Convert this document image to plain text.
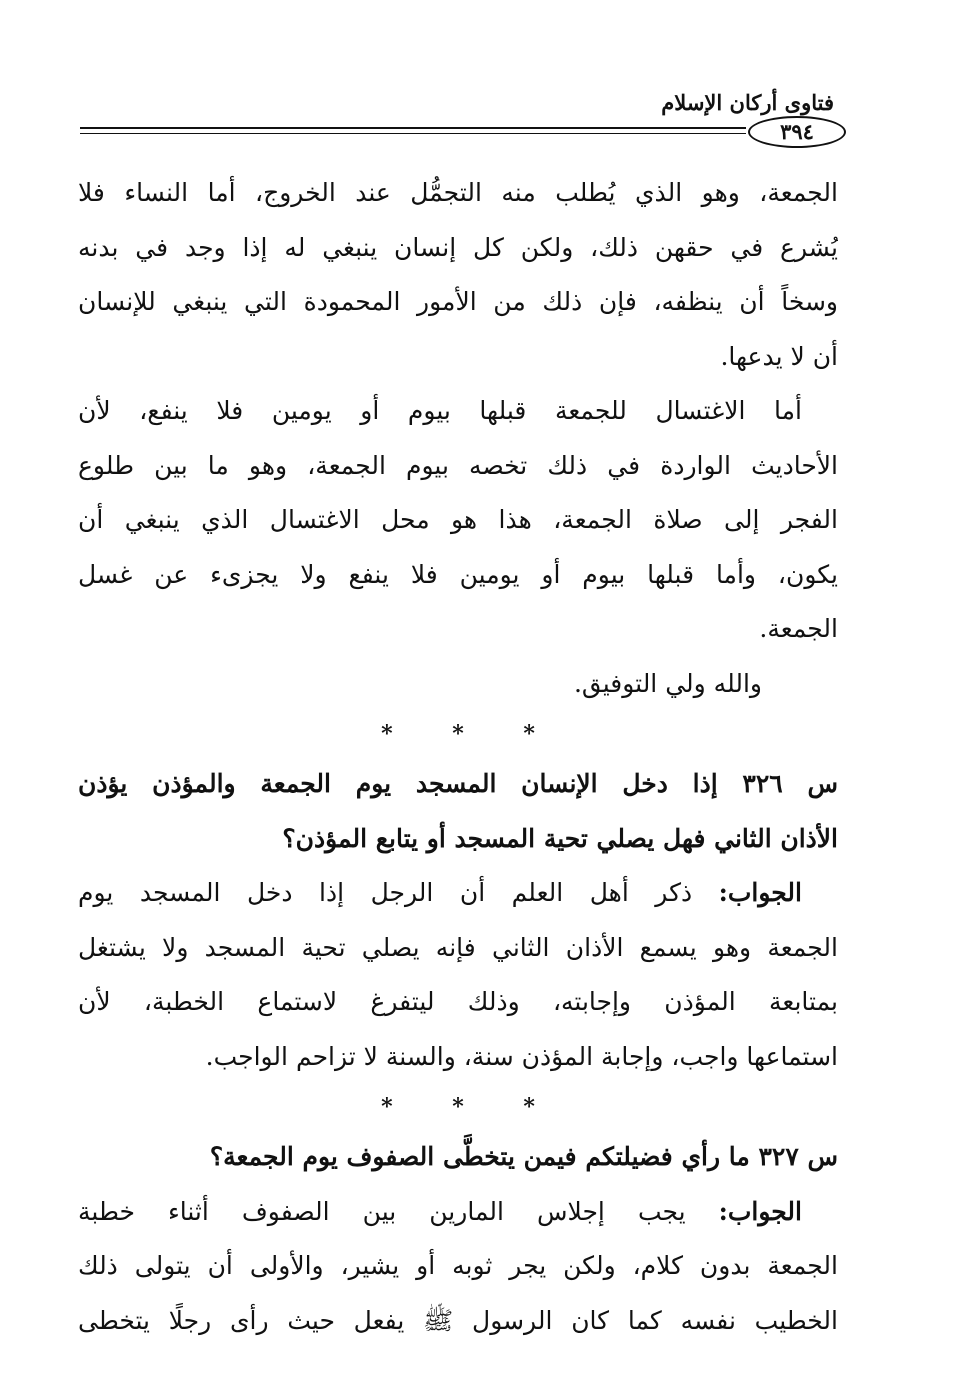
فتاوى أركان الإسلام
٣٩٤
الجمعة، وهو الذي يُطلب منه التجمُّل عند الخروج، أما النساء فلا
يُشرع في حقهن ذلك، ولكن كل إنسان ينبغي له إذا وجد في بدنه
وسخاً أن ينظفه، فإن ذلك من الأمور المحمودة التي ينبغي للإنسان
أن لا يدعها.
أما الاغتسال للجمعة قبلها بيوم أو يومين فلا ينفع، لأن
الأحاديث الواردة في ذلك تخصه بيوم الجمعة، وهو ما بين طلوع
الفجر إلى صلاة الجمعة، هذا هو محل الاغتسال الذي ينبغي أن
يكون، وأما قبلها بيوم أو يومين فلا ينفع ولا يجزىء عن غسل
الجمعة.
والله ولي التوفيق.
* * *
س ٣٢٦ إذا دخل الإنسان المسجد يوم الجمعة والمؤذن يؤذن
الأذان الثاني فهل يصلي تحية المسجد أو يتابع المؤذن؟
الجواب: ذكر أهل العلم أن الرجل إذا دخل المسجد يوم
الجمعة وهو يسمع الأذان الثاني فإنه يصلي تحية المسجد ولا يشتغل
بمتابعة المؤذن وإجابته، وذلك ليتفرغ لاستماع الخطبة، لأن
استماعها واجب، وإجابة المؤذن سنة، والسنة لا تزاحم الواجب.
* * *
س ٣٢٧ ما رأي فضيلتكم فيمن يتخطَّى الصفوف يوم الجمعة؟
الجواب: يجب إجلاس المارين بين الصفوف أثناء خطبة
الجمعة بدون كلام، ولكن يجر ثوبه أو يشير، والأولى أن يتولى ذلك
الخطيب نفسه كما كان الرسول ﷺ يفعل حيث رأى رجلًا يتخطى
